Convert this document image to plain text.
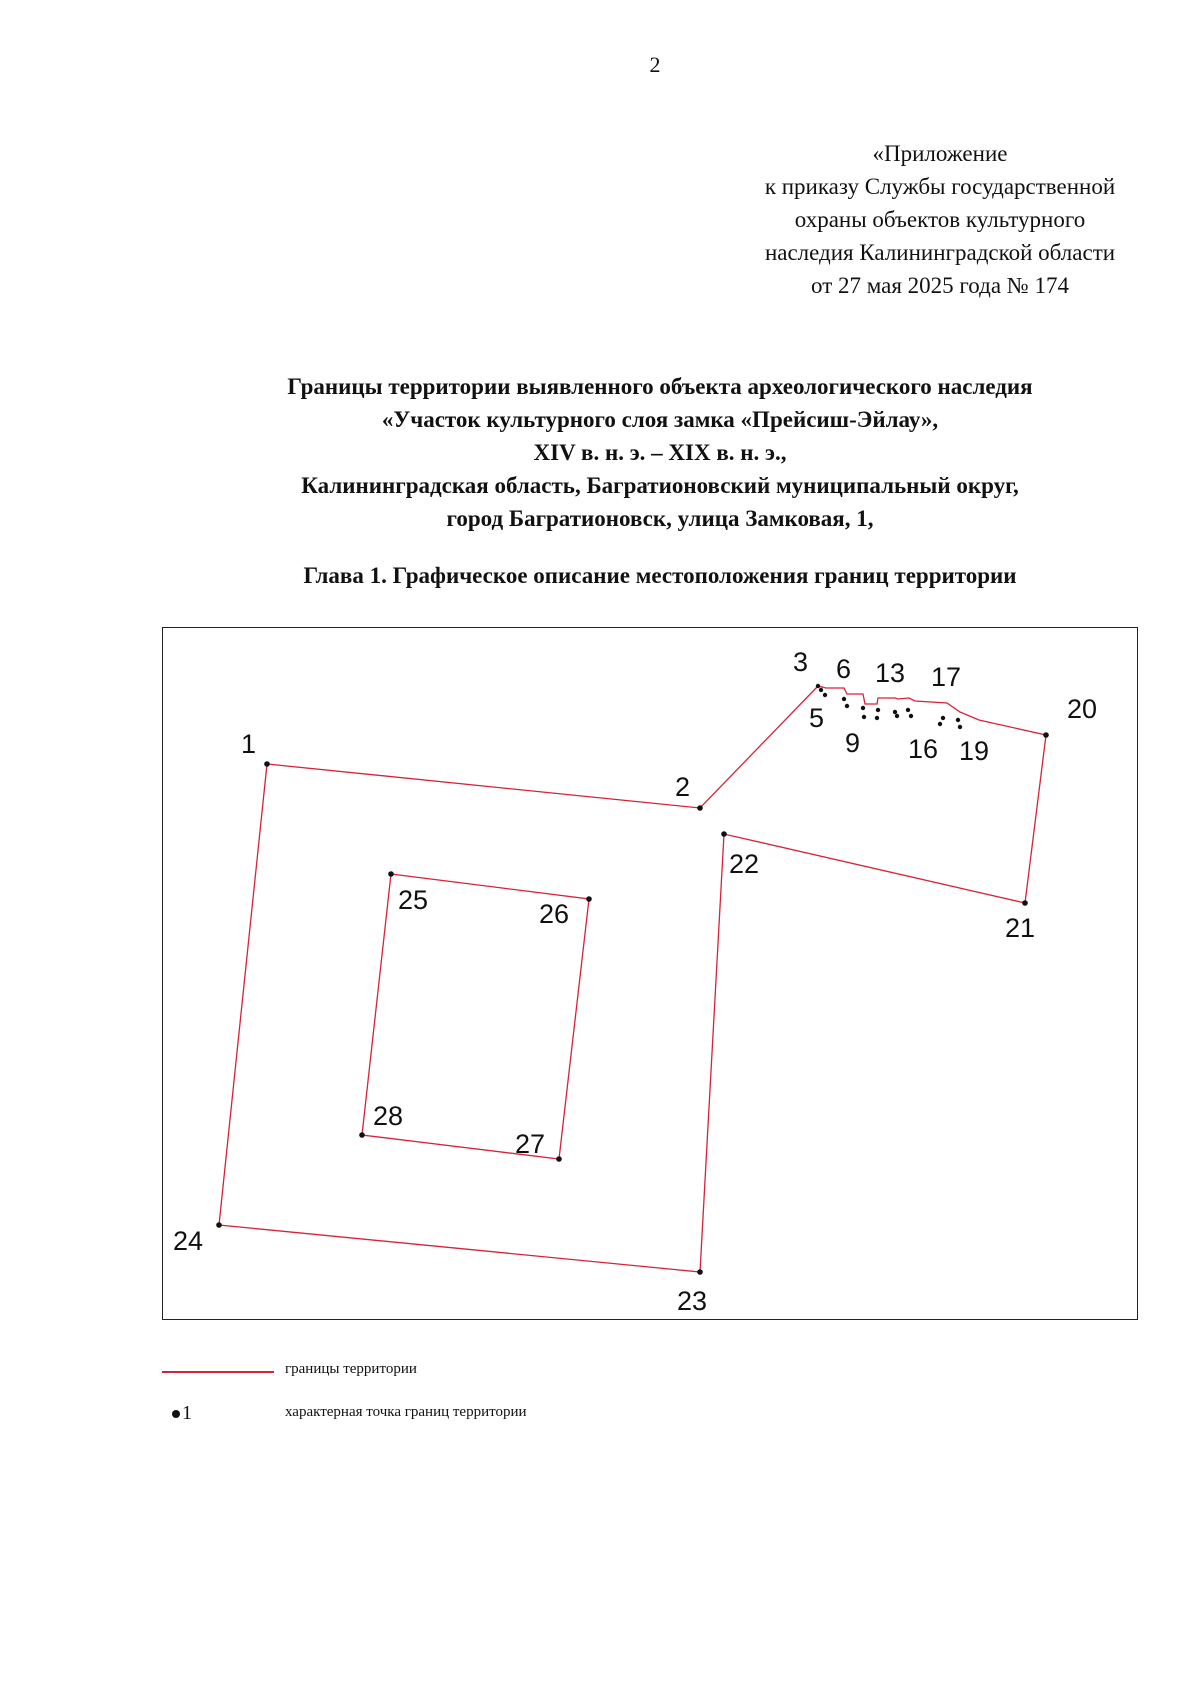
2
«Приложение
к приказу Службы государственной
охраны объектов культурного
наследия Калининградской области
от 27 мая 2025 года № 174
Границы территории выявленного объекта археологического наследия
«Участок культурного слоя замка «Прейсиш-Эйлау»,
XIV в. н. э. – XIX в. н. э.,
Калининградская область, Багратионовский муниципальный округ,
город Багратионовск, улица Замковая, 1,
Глава 1. Графическое описание местоположения границ территории
1
2
3
5
6
9
13
16
17
19
20
21
22
23
24
25	26
27
28
границы территории
1	характерная точка границ территории
